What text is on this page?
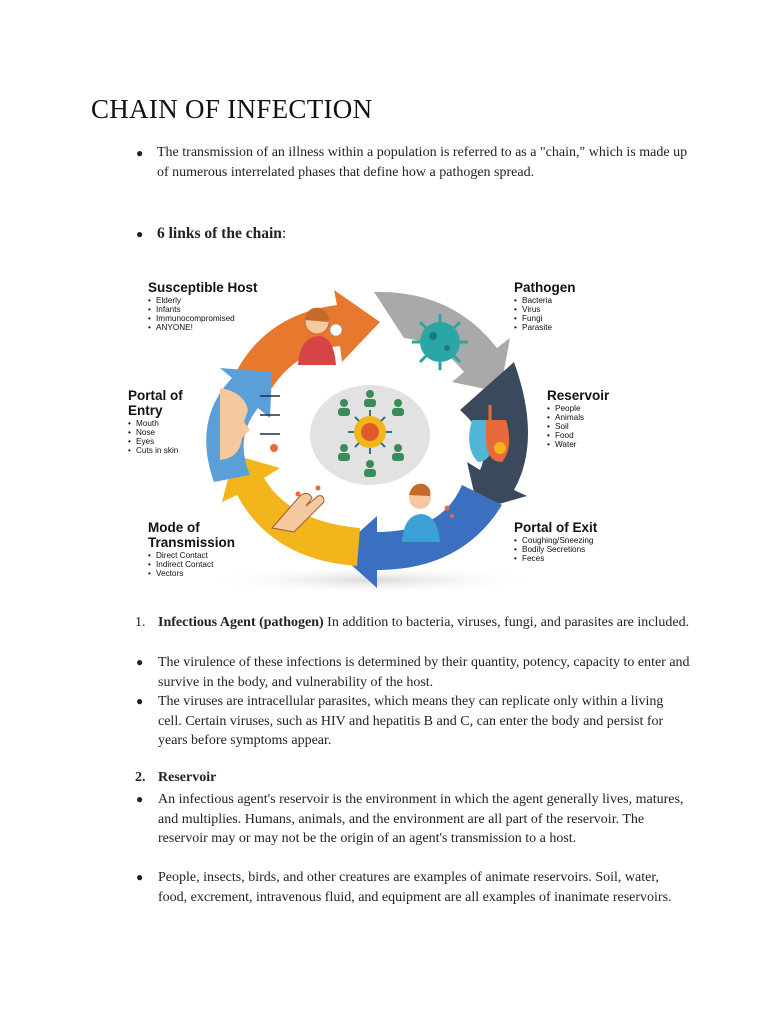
CHAIN OF INFECTION
● The transmission of an illness within a population is referred to as a "chain," which is made up of numerous interrelated phases that define how a pathogen spread.
● 6 links of the chain:
Susceptible Host
• Elderly
• Infants
• Immunocompromised
• ANYONE!
Pathogen
• Bacteria
• Virus
• Fungi
• Parasite
Reservoir
• People
• Animals
• Soil
• Food
• Water
Portal of Exit
• Coughing/Sneezing
• Bodily Secretions
• Feces
Mode of Transmission
• Direct Contact
• Indirect Contact
• Vectors
Portal of Entry
• Mouth
• Nose
• Eyes
• Cuts in skin
1. Infectious Agent (pathogen) In addition to bacteria, viruses, fungi, and parasites are included.
● The virulence of these infections is determined by their quantity, potency, capacity to enter and survive in the body, and vulnerability of the host.
● The viruses are intracellular parasites, which means they can replicate only within a living cell. Certain viruses, such as HIV and hepatitis B and C, can enter the body and persist for years before symptoms appear.
2. Reservoir
● An infectious agent's reservoir is the environment in which the agent generally lives, matures, and multiplies. Humans, animals, and the environment are all part of the reservoir. The reservoir may or may not be the origin of an agent's transmission to a host.
● People, insects, birds, and other creatures are examples of animate reservoirs. Soil, water, food, excrement, intravenous fluid, and equipment are all examples of inanimate reservoirs.
